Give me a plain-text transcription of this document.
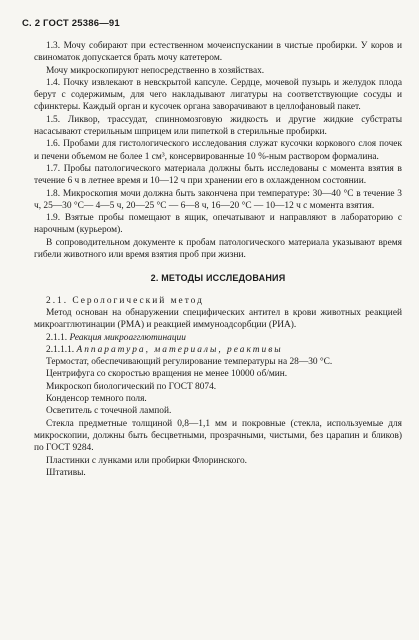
С. 2 ГОСТ 25386—91

1.3. Мочу собирают при естественном мочеиспускании в чистые пробирки. У коров и свиноматок допускается брать мочу катетером.

Мочу микроскопируют непосредственно в хозяйствах.

1.4. Почку извлекают в невскрытой капсуле. Сердце, мочевой пузырь и желудок плода берут с содержимым, для чего накладывают лигатуры на соответствующие сосуды и сфинктеры. Каждый орган и кусочек органа заворачивают в целлофановый пакет.

1.5. Ликвор, трассудат, спинномозговую жидкость и другие жидкие субстраты насасывают стерильным шприцем или пипеткой в стерильные пробирки.

1.6. Пробами для гистологического исследования служат кусочки коркового слоя почек и печени объемом не более 1 см³, консервированные 10 %-ным раствором формалина.

1.7. Пробы патологического материала должны быть исследованы с момента взятия в течение 6 ч в летнее время и 10—12 ч при хранении его в охлажденном состоянии.

1.8. Микроскопия мочи должна быть закончена при температуре: 30—40 °С в течение 3 ч, 25—30 °С— 4—5 ч, 20—25 °С — 6—8 ч, 16—20 °С — 10—12 ч с момента взятия.

1.9. Взятые пробы помещают в ящик, опечатывают и направляют в лабораторию с нарочным (курьером).

В сопроводительном документе к пробам патологического материала указывают время гибели животного или время взятия проб при жизни.

2. МЕТОДЫ ИССЛЕДОВАНИЯ

2.1. Серологический метод

Метод основан на обнаружении специфических антител в крови животных реакцией микроагглютинации (РМА) и реакцией иммуноадсорбции (РИА).

2.1.1. Реакция микроагглютинации

2.1.1.1. Аппаратура, материалы, реактивы

Термостат, обеспечивающий регулирование температуры на 28—30 °С.

Центрифуга со скоростью вращения не менее 10000 об/мин.

Микроскоп биологический по ГОСТ 8074.

Конденсор темного поля.

Осветитель с точечной лампой.

Стекла предметные толщиной 0,8—1,1 мм и покровные (стекла, используемые для микроскопии, должны быть бесцветными, прозрачными, чистыми, без царапин и бликов) по ГОСТ 9284.

Пластинки с лунками или пробирки Флоринского.

Штативы.
